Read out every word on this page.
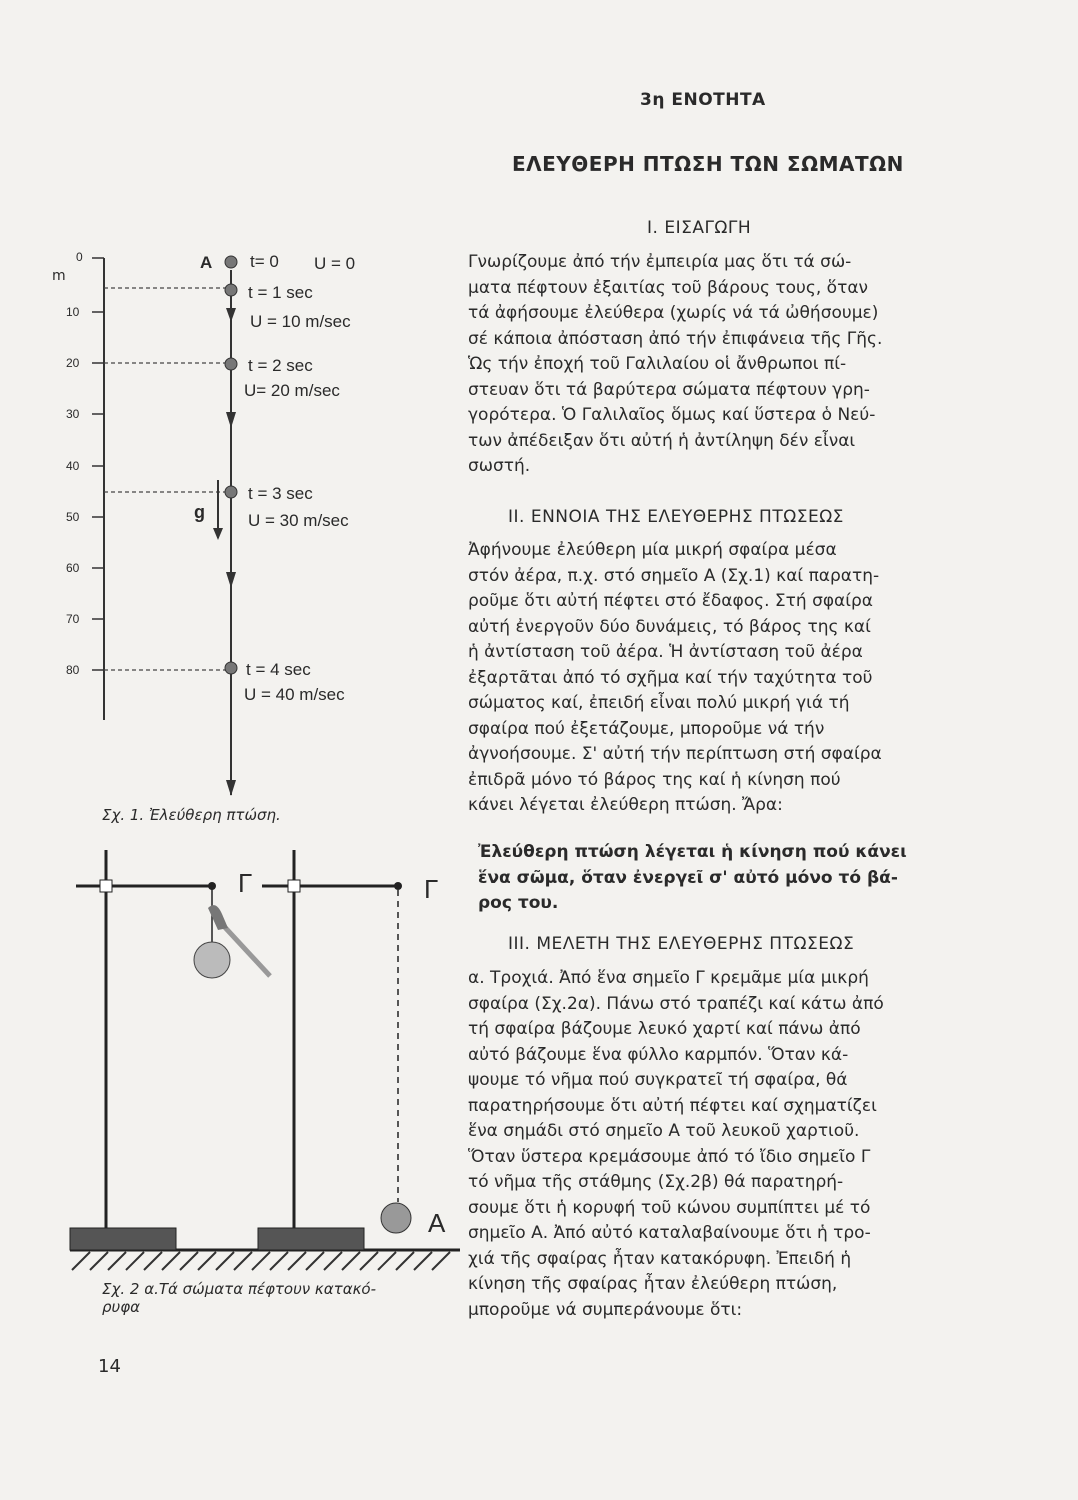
3η ΕΝΟΤΗΤΑ
ΕΛΕΥΘΕΡΗ ΠΤΩΣΗ ΤΩΝ ΣΩΜΑΤΩΝ
Ι. ΕΙΣΑΓΩΓΗ
Γνωρίζουμε ἀπό τήν ἐμπειρία μας ὅτι τά σώ-
ματα πέφτουν ἐξαιτίας τοῦ βάρους τους, ὅταν
τά ἀφήσουμε ἐλεύθερα (χωρίς νά τά ὠθήσουμε)
σέ κάποια ἀπόσταση ἀπό τήν ἐπιφάνεια τῆς Γῆς.
Ὡς τήν ἐποχή τοῦ Γαλιλαίου οἱ ἄνθρωποι πί-
στευαν ὅτι τά βαρύτερα σώματα πέφτουν γρη-
γορότερα. Ὁ Γαλιλαῖος ὅμως καί ὕστερα ὁ Νεύ-
των ἀπέδειξαν ὅτι αὐτή ἡ ἀντίληψη δέν εἶναι
σωστή.
ΙΙ. ΕΝΝΟΙΑ ΤΗΣ ΕΛΕΥΘΕΡΗΣ ΠΤΩΣΕΩΣ
Ἀφήνουμε ἐλεύθερη μία μικρή σφαίρα μέσα
στόν ἀέρα, π.χ. στό σημεῖο Α (Σχ.1) καί παρατη-
ροῦμε ὅτι αὐτή πέφτει στό ἔδαφος. Στή σφαίρα
αὐτή ἐνεργοῦν δύο δυνάμεις, τό βάρος της καί
ἡ ἀντίσταση τοῦ ἀέρα. Ἡ ἀντίσταση τοῦ ἀέρα
ἐξαρτᾶται ἀπό τό σχῆμα καί τήν ταχύτητα τοῦ
σώματος καί, ἐπειδή εἶναι πολύ μικρή γιά τή
σφαίρα πού ἐξετάζουμε, μποροῦμε νά τήν
ἀγνοήσουμε. Σ' αὐτή τήν περίπτωση στή σφαίρα
ἐπιδρᾶ μόνο τό βάρος της καί ἡ κίνηση πού
κάνει λέγεται ἐλεύθερη πτώση. Ἄρα:
Ἐλεύθερη πτώση λέγεται ἡ κίνηση πού κάνει
ἕνα σῶμα, ὅταν ἐνεργεῖ σ' αὐτό μόνο τό βά-
ρος του.
ΙΙΙ. ΜΕΛΕΤΗ ΤΗΣ ΕΛΕΥΘΕΡΗΣ ΠΤΩΣΕΩΣ
α. Τροχιά. Ἀπό ἕνα σημεῖο Γ κρεμᾶμε μία μικρή
σφαίρα (Σχ.2α). Πάνω στό τραπέζι καί κάτω ἀπό
τή σφαίρα βάζουμε λευκό χαρτί καί πάνω ἀπό
αὐτό βάζουμε ἕνα φύλλο καρμπόν. Ὅταν κά-
ψουμε τό νῆμα πού συγκρατεῖ τή σφαίρα, θά
παρατηρήσουμε ὅτι αὐτή πέφτει καί σχηματίζει
ἕνα σημάδι στό σημεῖο Α τοῦ λευκοῦ χαρτιοῦ.
Ὅταν ὕστερα κρεμάσουμε ἀπό τό ἴδιο σημεῖο Γ
τό νῆμα τῆς στάθμης (Σχ.2β) θά παρατηρή-
σουμε ὅτι ἡ κορυφή τοῦ κώνου συμπίπτει μέ τό
σημεῖο Α. Ἀπό αὐτό καταλαβαίνουμε ὅτι ἡ τρο-
χιά τῆς σφαίρας ἦταν κατακόρυφη. Ἐπειδή ἡ
κίνηση τῆς σφαίρας ἦταν ἐλεύθερη πτώση,
μποροῦμε νά συμπεράνουμε ὅτι:
m
0
10
20
30
40
50
60
70
80
A
g
t= 0 U = 0
t = 1 sec
U = 10 m/sec
t = 2 sec
U= 20 m/sec
t = 3 sec
U = 30 m/sec
t = 4 sec
U = 40 m/sec
Σχ. 1. Ἐλεύθερη πτώση.
Γ	Γ
Α
Σχ. 2 α.Τά σώματα πέφτουν κατακό-
ρυφα
14
